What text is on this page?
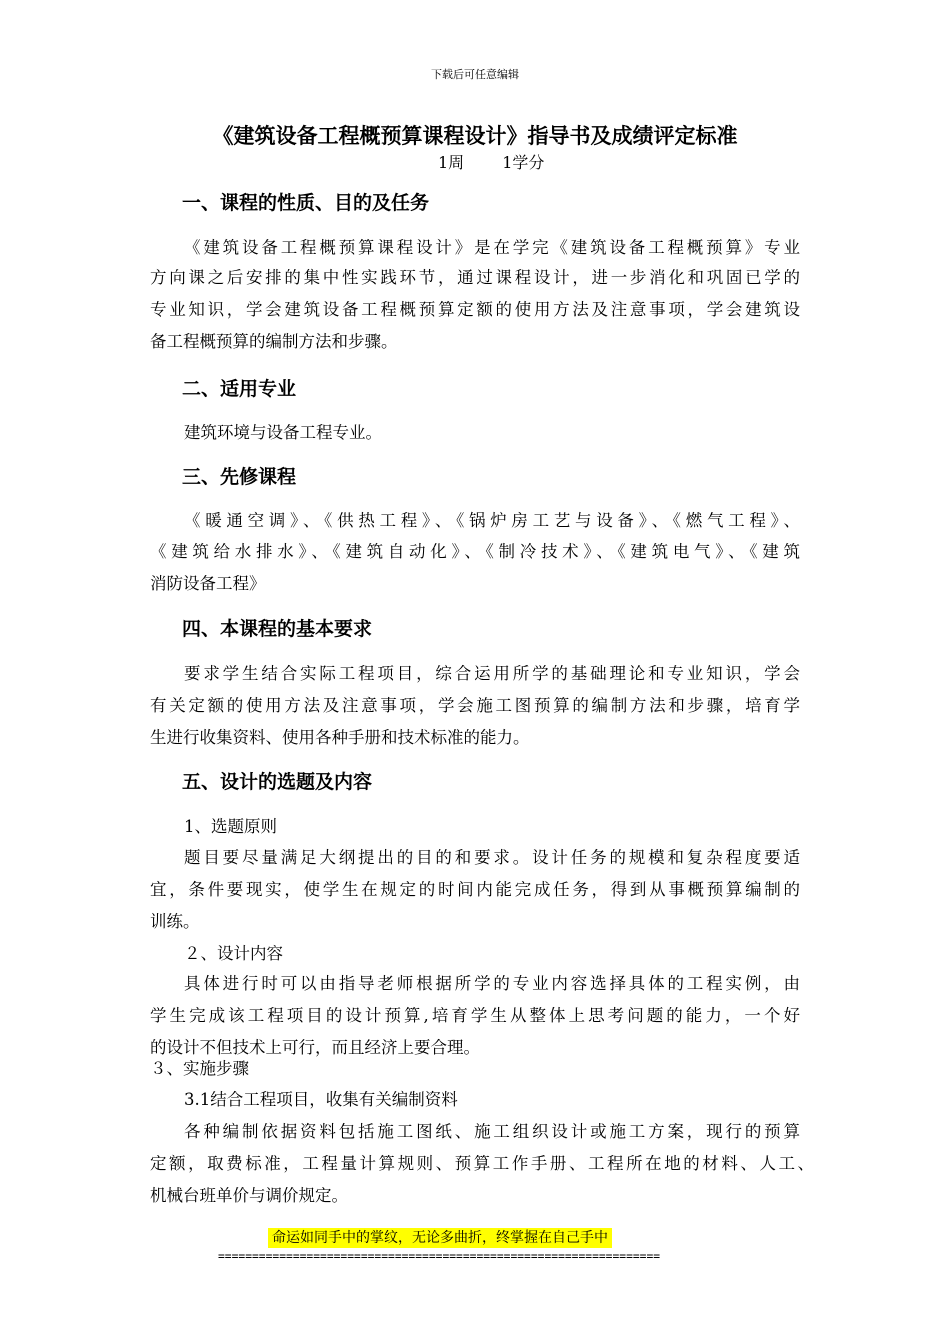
下载后可任意编辑
《建筑设备工程概预算课程设计》指导书及成绩评定标准
1周 1学分
一、课程的性质、目的及任务
《建筑设备工程概预算课程设计》是在学完《建筑设备工程概预算》专业
方向课之后安排的集中性实践环节，通过课程设计，进一步消化和巩固已学的
专业知识，学会建筑设备工程概预算定额的使用方法及注意事项，学会建筑设
备工程概预算的编制方法和步骤。
二、适用专业
建筑环境与设备工程专业。
三、先修课程
《暖通空调》、《供热工程》、《锅炉房工艺与设备》、《燃气工程》、
《建筑给水排水》、《建筑自动化》、《制冷技术》、《建筑电气》、《建筑
消防设备工程》
四、本课程的基本要求
要求学生结合实际工程项目，综合运用所学的基础理论和专业知识，学会
有关定额的使用方法及注意事项，学会施工图预算的编制方法和步骤，培育学
生进行收集资料、使用各种手册和技术标准的能力。
五、设计的选题及内容
1、选题原则
题目要尽量满足大纲提出的目的和要求。设计任务的规模和复杂程度要适
宜，条件要现实，使学生在规定的时间内能完成任务，得到从事概预算编制的
训练。
２、设计内容
具体进行时可以由指导老师根据所学的专业内容选择具体的工程实例，由
学生完成该工程项目的设计预算,培育学生从整体上思考问题的能力，一个好
的设计不但技术上可行，而且经济上要合理。
３、实施步骤
3.1结合工程项目，收集有关编制资料
各种编制依据资料包括施工图纸、施工组织设计或施工方案，现行的预算
定额，取费标准，工程量计算规则、预算工作手册、工程所在地的材料、人工、
机械台班单价与调价规定。
命运如同手中的掌纹，无论多曲折，终掌握在自己手中
=================================================================
